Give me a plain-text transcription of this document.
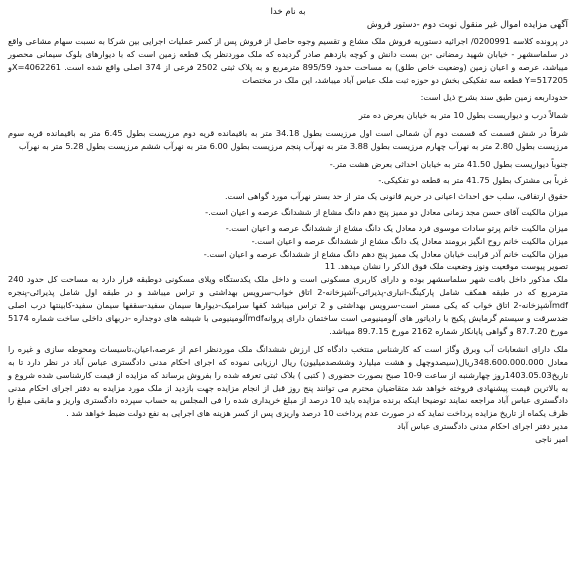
به نام خدا

آگهی مزایده اموال غیر منقول نوبت دوم -دستور فروش

در پرونده کلاسه 0200991/ اجرائیه دستوریه فروش ملک مشاع و تقسیم وجوه حاصل از فروش پس از کسر عملیات اجرایی بین شرکا به نسبت سهام مشاعی واقع در سلماسشهر - خیابان شهید رمضانی -بن بست دانش و کوچه بازدهم صادر گردیده که ملک موردنظر یک قطعه زمین است که با دیوارهای بلوک سیمانی محصور میباشد، عرصه و اعیان زمین (وضعیت خاص طلق) به مساحت حدود 895/59 مترمربع و به پلاک ثبتی 2502 فرعی از 374 اصلی واقع شده است. X=4062261و Y=517205 قطعه سه تفکیکی بخش دو حوزه ثبت ملک عباس آباد میباشد، این ملک در مختصات

حدوداربعه زمین طبق سند بشرح ذیل است:

شمالاً درب و دیواریست بطول 10 متر به خیابان بعرض ده متر

شرقاً در شش قسمت که قسمت دوم آن شمالی است اول مرزیست بطول 34.18 متر به باقیمانده قریه دوم مرزیست بطول 6.45 متر به باقیمانده قریه سوم مرزیست بطول 2.80 متر به نهرآب چهارم مرزیست بطول 3.88 متر به نهرآب پنجم مرزیست بطول 6.00 متر به نهرآب ششم مرزیست بطول 5.28 متر به نهرآب

جنوباً دیواریست بطول 41.50 متر به خیابان احداثی بعرض هشت متر.-

غرباً بی مشترک بطول 41.75 متر به قطعه دو تفکیکی.-

حقوق ارتفاقی، سلب حق احداث اعیانی در حریم قانونی یک متر از حد بستر نهرآب مورد گواهی است.

میزان مالکیت آقای حسن مجد زمانی معادل دو ممیز پنج دهم دانگ مشاع از ششدانگ عرصه و اعیان است.-

میزان مالکیت خانم پرتو سادات موسوی فرد معادل یک دانگ مشاع از ششدانگ عرصه و اعیان است.-

میزان مالکیت خانم روح انگیز برومند معادل یک دانگ مشاع از ششدانگ عرصه و اعیان است.-

میزان مالکیت خانم آذر قرابت خیابان معادل یک ممیز پنج دهم دانگ مشاع از ششدانگ عرصه و اعیان است.-

تصویر پیوست موقعیت ونوز وضعیت ملک فوق الذکر را نشان میدهد. 11

ملک مذکور داخل بافت شهر سلماسشهر بوده و دارای کاربری مسکونی است و داخل ملک یکدستگاه ویلای مسکونی دوطبقه قرار دارد به مساحت کل حدود 240 مترمربع که در طبقه همکف شامل پارکینگ-انباری-پذیرائی-آشپزخانه-2 اتاق خواب-سرویس بهداشتی و تراس میباشد و در طبقه اول شامل پذیرائی-پنجره mdfآشپزخانه-2 اتاق خواب که یکی مستر است-سرویس بهداشتی و 2 تراس میباشد کفها سرامیک-دیوارها سیمان سفید-سقفها سیمان سفید-کابینتها درب اصلی ضدسرقت و سیستم گرمایش پکیج با رادیاتور های آلومینیومی است ساختمان دارای پروانهmdfآلومینیومی با شیشه های دوجداره -دربهای داخلی ساخت شماره 5174 مورخ 87.7.20 و گواهی پایانکار شماره 2162 مورخ 89.7.15 میباشد.

ملک دارای انشعابات آب وبرق وگاز است که کارشناس منتخب دادگاه کل ارزش ششدانگ ملک موردنظر اعم از عرصه،اعیان،تاسیسات ومحوطه سازی و غیره را معادل 348.600.000.000ریال(سیصدوچهل و هشت میلیارد وششصدمیلیون) ریال ارزیابی نموده که اجرای احکام مدنی دادگستری عباس آباد در نظر دارد تا به تاریخ1403.05.03روز چهارشنبه از ساعت 9-10 صبح بصورت حضوری ( کتبی ) بلاک ثبتی تعرفه شده را بفروش برساند که مزایده از قیمت کارشناسی شده شروع و به بالاترین قیمت پیشنهادی فروخته خواهد شد متقاضیان محترم می توانند پنج روز قبل از انجام مزایده جهت بازدید از ملک مورد مزایده به دفتر اجرای احکام مدنی دادگستری عباس آباد مراجعه نمایند توضیحا اینکه برنده مزایده باید 10 درصد از مبلغ خریداری شده را فی المجلس به حساب سپرده دادگستری واریز و مابقی مبلغ را ظرف یکماه از تاریخ مزایده پرداخت نماید که در صورت عدم پرداخت 10 درصد واریزی پس از کسر هزینه های اجرایی به نفع دولت ضبط خواهد شد .

مدیر دفتر اجرای احکام مدنی دادگستری عباس آباد

امیر ناجی
